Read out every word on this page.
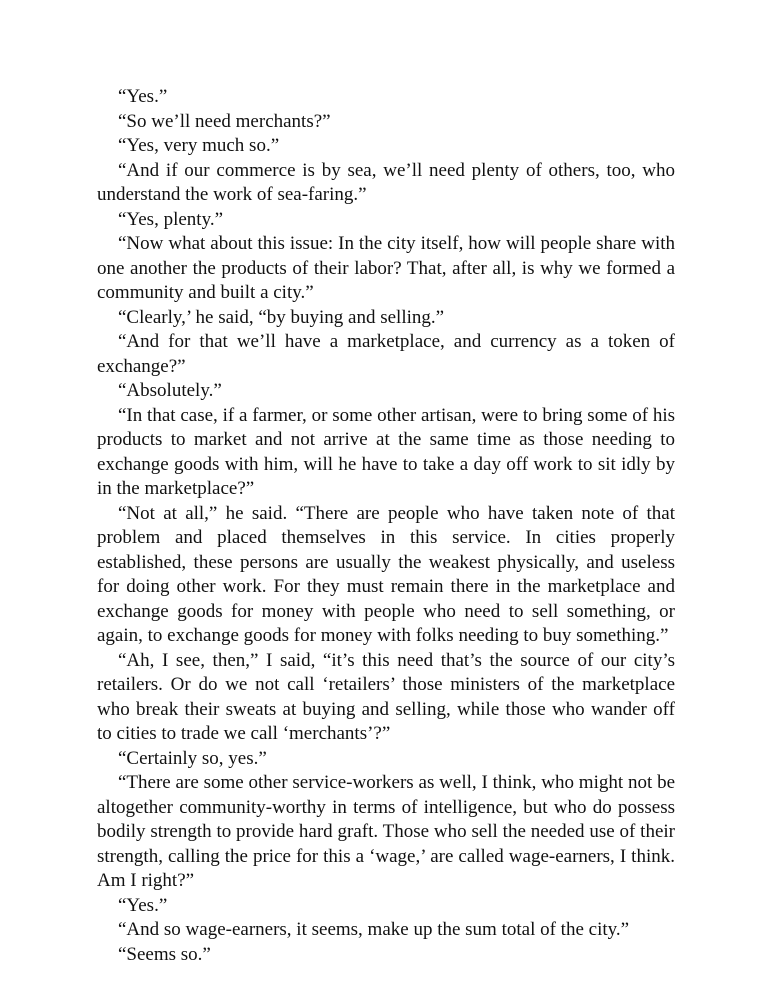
“Yes.”

“So we’ll need merchants?”

“Yes, very much so.”

“And if our commerce is by sea, we’ll need plenty of others, too, who understand the work of sea-faring.”

“Yes, plenty.”

“Now what about this issue: In the city itself, how will people share with one another the products of their labor? That, after all, is why we formed a community and built a city.”

“Clearly,’ he said, “by buying and selling.”

“And for that we’ll have a marketplace, and currency as a token of exchange?”

“Absolutely.”

“In that case, if a farmer, or some other artisan, were to bring some of his products to market and not arrive at the same time as those needing to exchange goods with him, will he have to take a day off work to sit idly by in the marketplace?”

“Not at all,” he said. “There are people who have taken note of that problem and placed themselves in this service. In cities properly established, these persons are usually the weakest physically, and useless for doing other work. For they must remain there in the marketplace and exchange goods for money with people who need to sell something, or again, to exchange goods for money with folks needing to buy something.”

“Ah, I see, then,” I said, “it’s this need that’s the source of our city’s retailers. Or do we not call ‘retailers’ those ministers of the marketplace who break their sweats at buying and selling, while those who wander off to cities to trade we call ‘merchants’?”

“Certainly so, yes.”

“There are some other service-workers as well, I think, who might not be altogether community-worthy in terms of intelligence, but who do possess bodily strength to provide hard graft. Those who sell the needed use of their strength, calling the price for this a ‘wage,’ are called wage-earners, I think. Am I right?”

“Yes.”

“And so wage-earners, it seems, make up the sum total of the city.”

“Seems so.”
